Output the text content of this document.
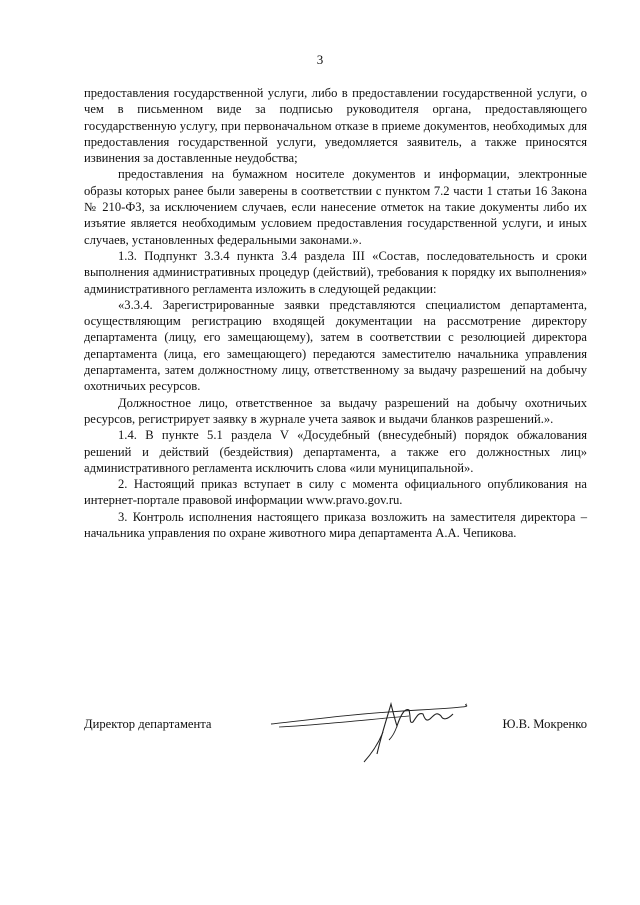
3

предоставления государственной услуги, либо в предоставлении государственной услуги, о чем в письменном виде за подписью руководителя органа, предоставляющего государственную услугу, при первоначальном отказе в приеме документов, необходимых для предоставления государственной услуги, уведомляется заявитель, а также приносятся извинения за доставленные неудобства;

предоставления на бумажном носителе документов и информации, электронные образы которых ранее были заверены в соответствии с пунктом 7.2 части 1 статьи 16 Закона № 210-ФЗ, за исключением случаев, если нанесение отметок на такие документы либо их изъятие является необходимым условием предоставления государственной услуги, и иных случаев, установленных федеральными законами.».

1.3. Подпункт 3.3.4 пункта 3.4 раздела III «Состав, последовательность и сроки выполнения административных процедур (действий), требования к порядку их выполнения» административного регламента изложить в следующей редакции:

«3.3.4. Зарегистрированные заявки представляются специалистом департамента, осуществляющим регистрацию входящей документации на рассмотрение директору департамента (лицу, его замещающему), затем в соответствии с резолюцией директора департамента (лица, его замещающего) передаются заместителю начальника управления департамента, затем должностному лицу, ответственному за выдачу разрешений на добычу охотничьих ресурсов.

Должностное лицо, ответственное за выдачу разрешений на добычу охотничьих ресурсов, регистрирует заявку в журнале учета заявок и выдачи бланков разрешений.».

1.4. В пункте 5.1 раздела V «Досудебный (внесудебный) порядок обжалования решений и действий (бездействия) департамента, а также его должностных лиц» административного регламента исключить слова «или муниципальной».

2. Настоящий приказ вступает в силу с момента официального опубликования на интернет-портале правовой информации www.pravo.gov.ru.

3. Контроль исполнения настоящего приказа возложить на заместителя директора – начальника управления по охране животного мира департамента А.А. Чепикова.

Директор департамента	Ю.В. Мокренко
